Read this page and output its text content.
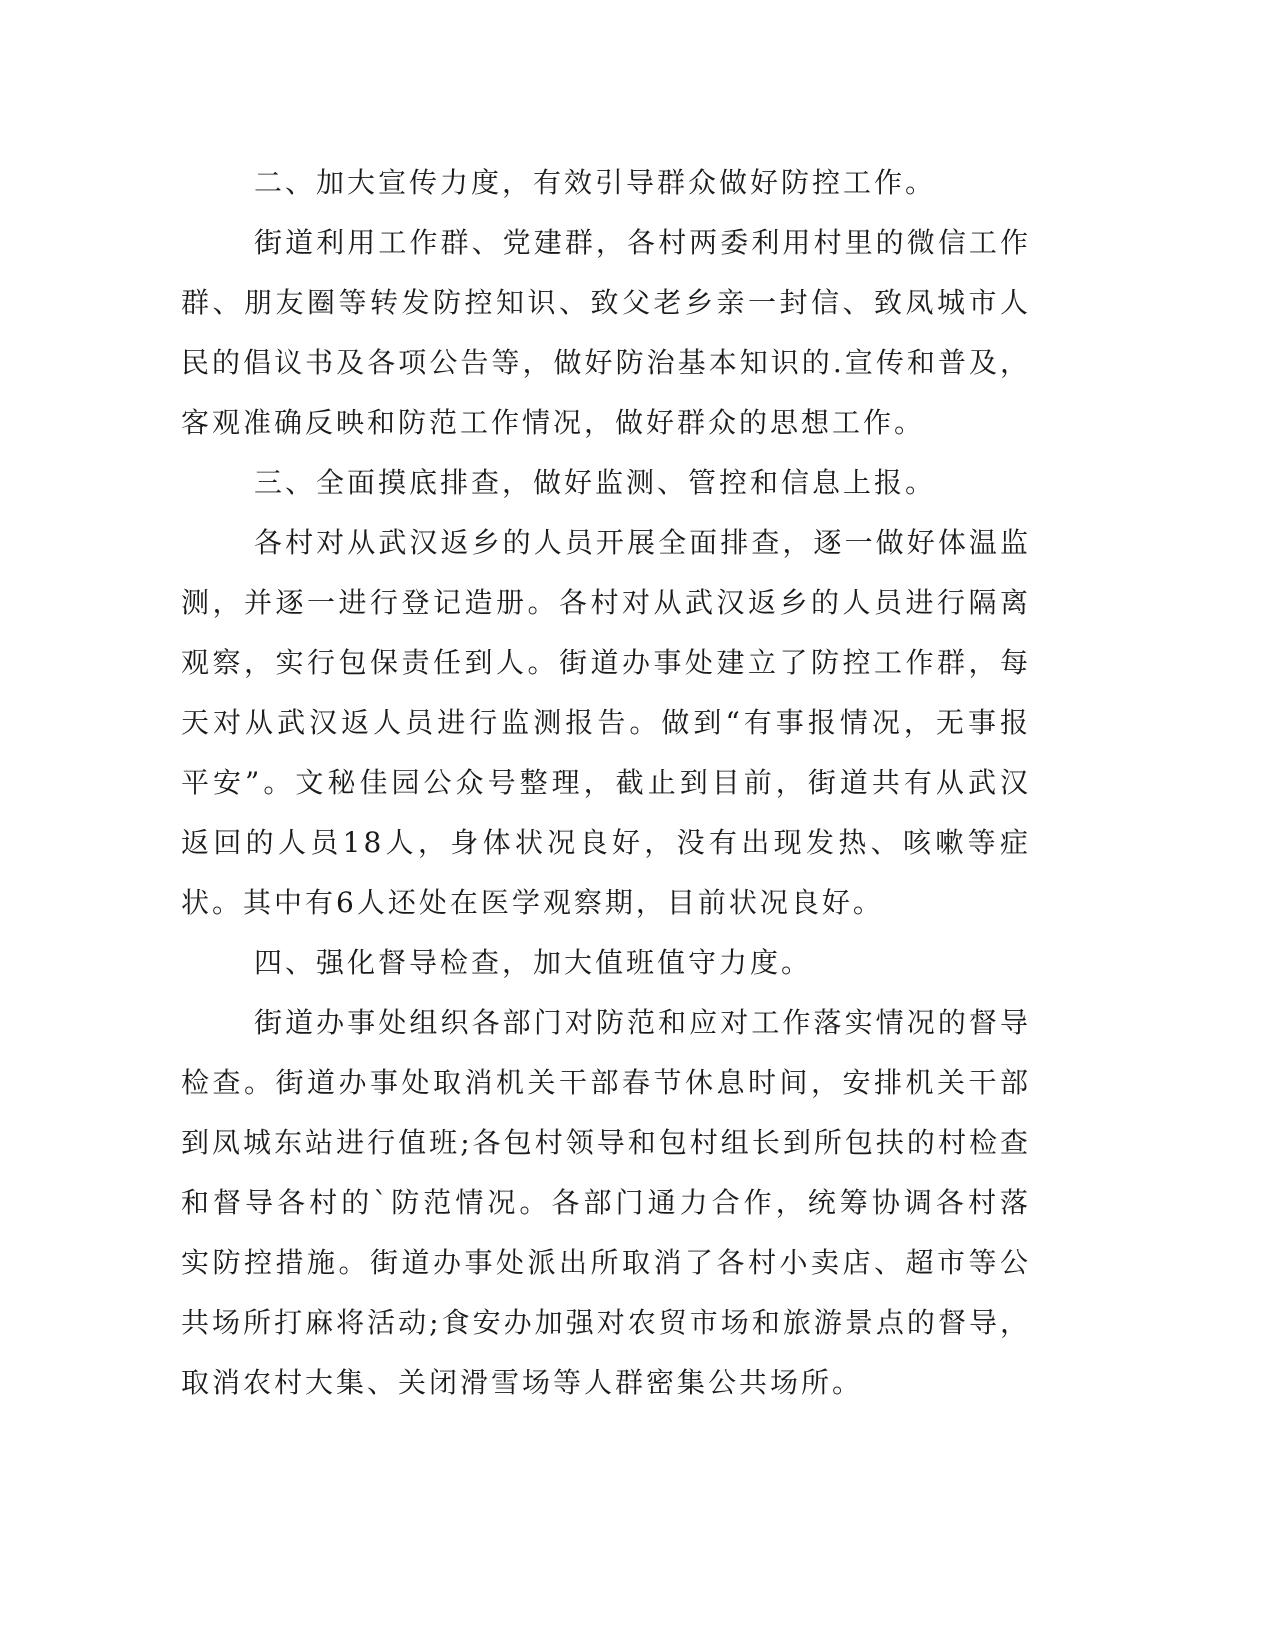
二、加大宣传力度，有效引导群众做好防控工作。

街道利用工作群、党建群，各村两委利用村里的微信工作群、朋友圈等转发防控知识、致父老乡亲一封信、致凤城市人民的倡议书及各项公告等，做好防治基本知识的.宣传和普及，客观准确反映和防范工作情况，做好群众的思想工作。

三、全面摸底排查，做好监测、管控和信息上报。

各村对从武汉返乡的人员开展全面排查，逐一做好体温监测，并逐一进行登记造册。各村对从武汉返乡的人员进行隔离观察，实行包保责任到人。街道办事处建立了防控工作群，每天对从武汉返人员进行监测报告。做到“有事报情况，无事报平安”。文秘佳园公众号整理，截止到目前，街道共有从武汉返回的人员18人，身体状况良好，没有出现发热、咳嗽等症状。其中有6人还处在医学观察期，目前状况良好。

四、强化督导检查，加大值班值守力度。

街道办事处组织各部门对防范和应对工作落实情况的督导检查。街道办事处取消机关干部春节休息时间，安排机关干部到凤城东站进行值班;各包村领导和包村组长到所包扶的村检查和督导各村的`防范情况。各部门通力合作，统筹协调各村落实防控措施。街道办事处派出所取消了各村小卖店、超市等公共场所打麻将活动;食安办加强对农贸市场和旅游景点的督导，取消农村大集、关闭滑雪场等人群密集公共场所。
